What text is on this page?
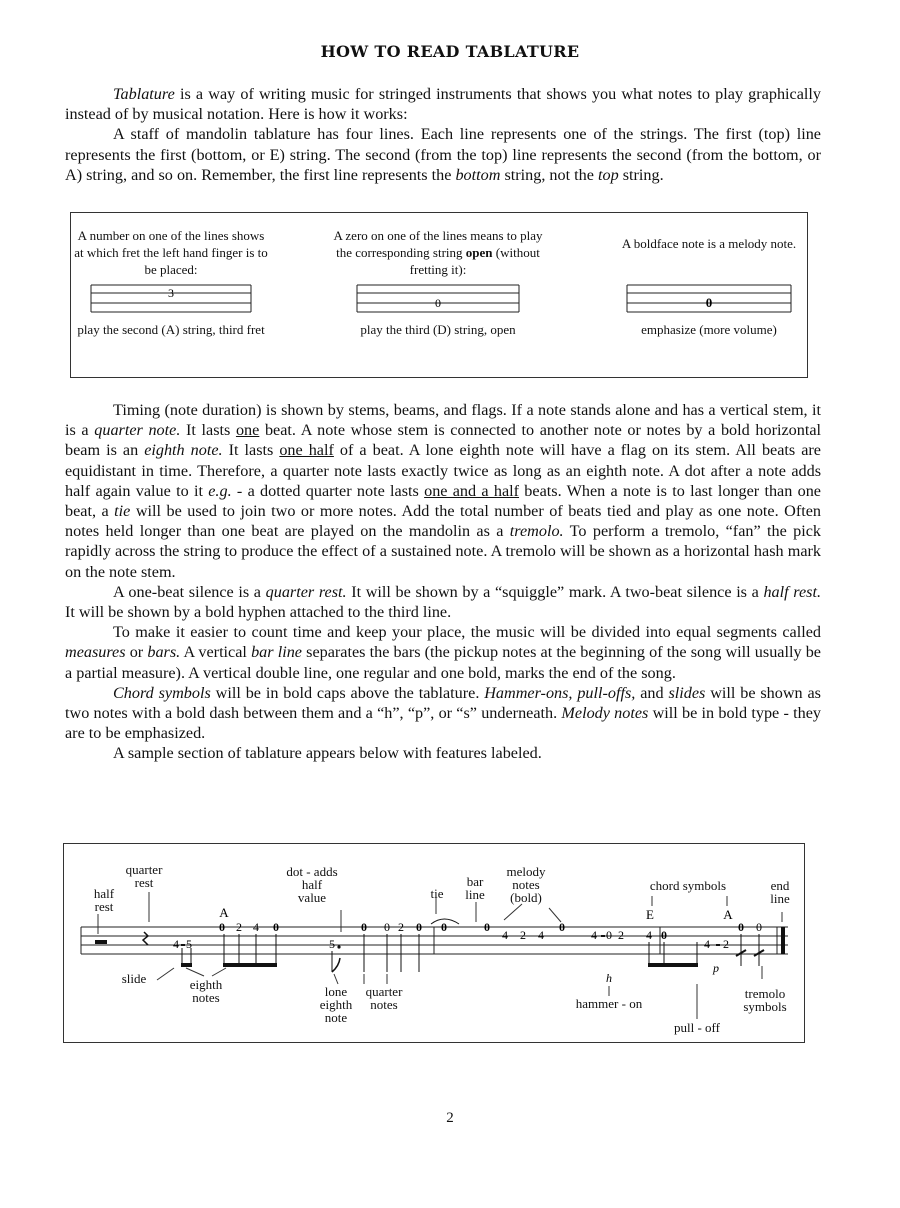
HOW TO READ TABLATURE

Tablature is a way of writing music for stringed instruments that shows you what notes to play graphically instead of by musical notation. Here is how it works:

A staff of mandolin tablature has four lines. Each line represents one of the strings. The first (top) line represents the first (bottom, or E) string. The second (from the top) line represents the second (from the bottom, or A) string, and so on. Remember, the first line represents the bottom string, not the top string.

A number on one of the lines shows at which fret the left hand finger is to be placed:
3
play the second (A) string, third fret
A zero on one of the lines means to play the corresponding string open (without fretting it):
0
play the third (D) string, open
A boldface note is a melody note.
0
emphasize (more volume)

Timing (note duration) is shown by stems, beams, and flags. If a note stands alone and has a vertical stem, it is a quarter note. It lasts one beat. A note whose stem is connected to another note or notes by a bold horizontal beam is an eighth note. It lasts one half of a beat. A lone eighth note will have a flag on its stem. All beats are equidistant in time. Therefore, a quarter note lasts exactly twice as long as an eighth note. A dot after a note adds half again value to it e.g. - a dotted quarter note lasts one and a half beats. When a note is to last longer than one beat, a tie will be used to join two or more notes. Add the total number of beats tied and play as one note. Often notes held longer than one beat are played on the mandolin as a tremolo. To perform a tremolo, “fan” the pick rapidly across the string to produce the effect of a sustained note. A tremolo will be shown as a horizontal hash mark on the note stem.

A one-beat silence is a quarter rest. It will be shown by a “squiggle” mark. A two-beat silence is a half rest. It will be shown by a bold hyphen attached to the third line.

To make it easier to count time and keep your place, the music will be divided into equal segments called measures or bars. A vertical bar line separates the bars (the pickup notes at the beginning of the song will usually be a partial measure). A vertical double line, one regular and one bold, marks the end of the song.

Chord symbols will be in bold caps above the tablature. Hammer-ons, pull-offs, and slides will be shown as two notes with a bold dash between them and a “h”, “p”, or “s” underneath. Melody notes will be in bold type - they are to be emphasized.

A sample section of tablature appears below with features labeled.

4 5
0 2 4 0
5
0 0 2 0 0	0
4 2 4
0
4 0 2 4 0
4 2
0 0
A	E	A
h
p
half
rest
quarter
rest
dot - adds
half
value	tie
bar
line
melody
notes
(bold)
chord symbols	end
line
slide	eighth
notes	lone
eighth
note
quarter
notes	hammer - on
pull - off
tremolo
symbols
2
